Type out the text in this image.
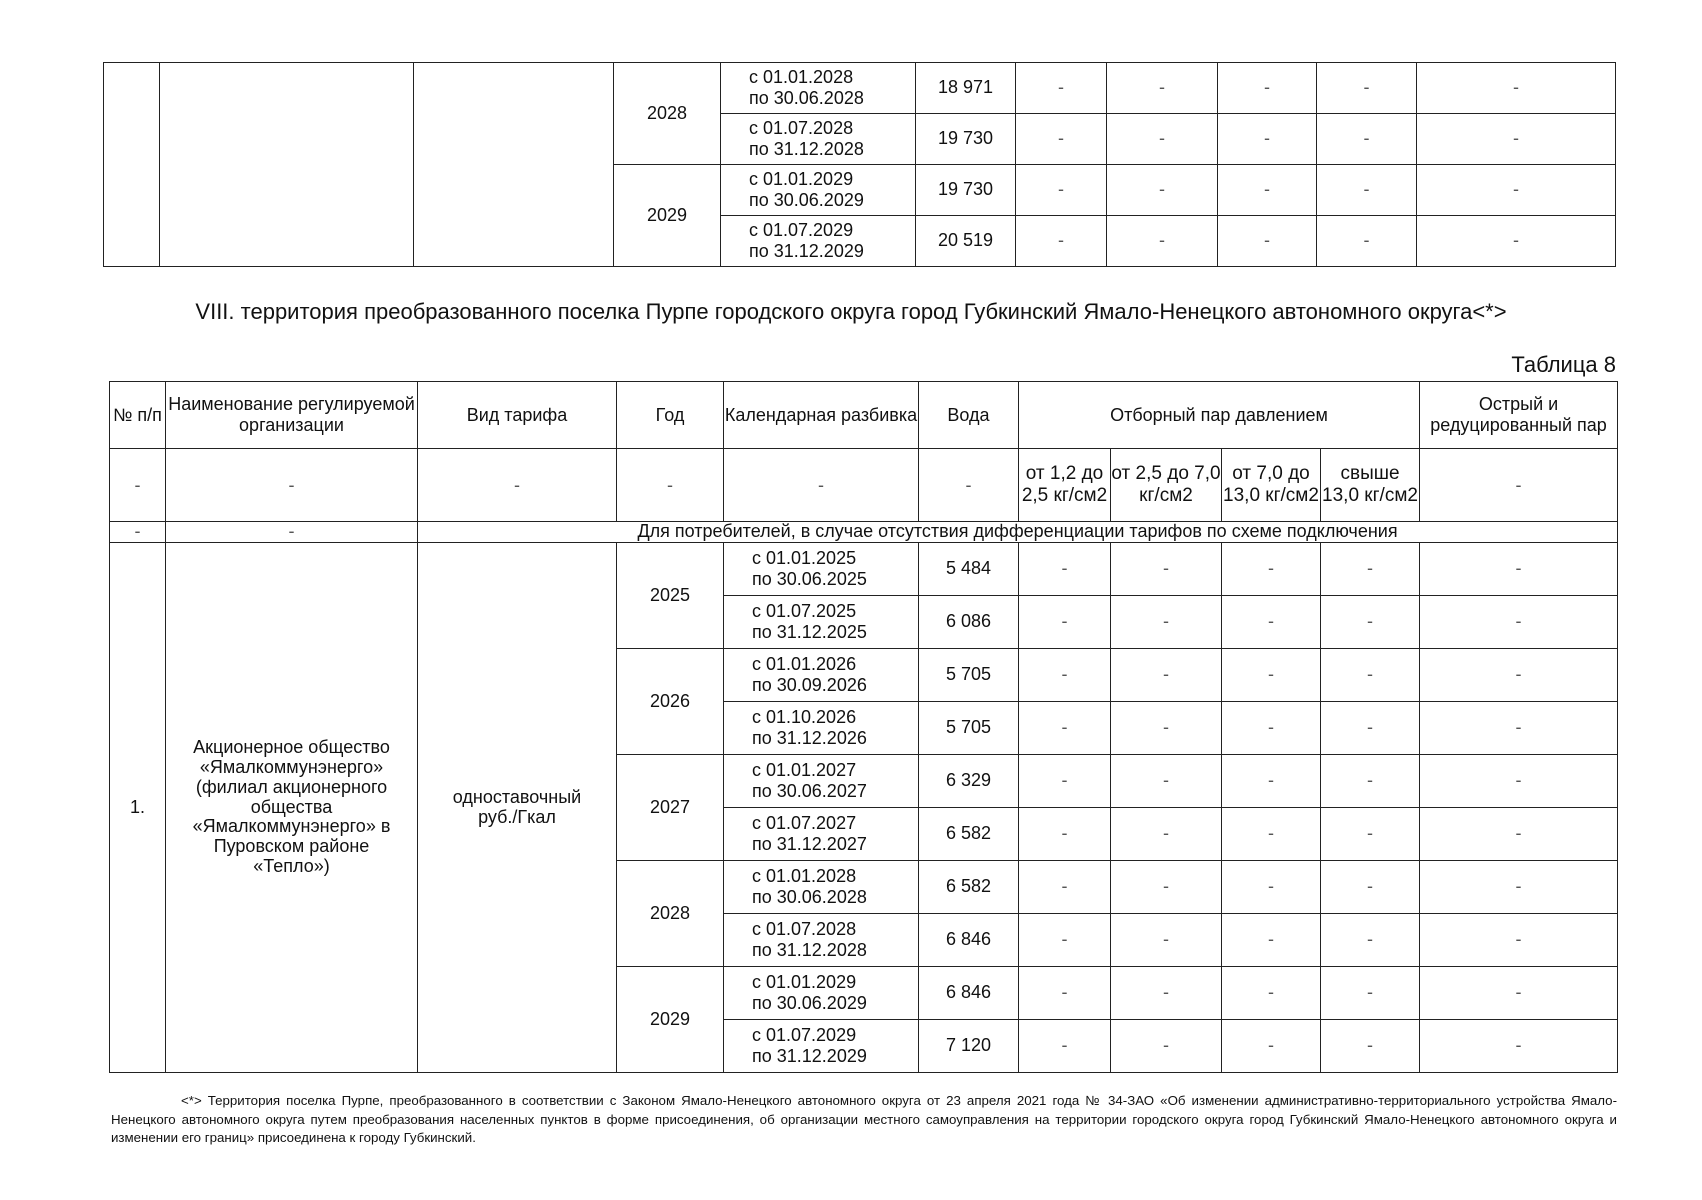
			2028	с 01.01.2028
по 30.06.2028	18 971	-	-	-	-	-
				с 01.07.2028
по 31.12.2028	19 730	-	-	-	-	-
			2029	с 01.01.2029
по 30.06.2029	19 730	-	-	-	-	-
				с 01.07.2029
по 31.12.2029	20 519	-	-	-	-	-
VIII. территория преобразованного поселка Пурпе городского округа город Губкинский Ямало-Ненецкого автономного округа<*>
Таблица 8
№ п/п	Наименование регулируемой организации	Вид тарифа	Год	Календарная разбивка	Вода	Отборный пар давлением				Острый и редуцированный пар
-	-	-	-	-	-	от 1,2 до 2,5 кг/см2	от 2,5 до 7,0 кг/см2	от 7,0 до 13,0 кг/см2	свыше 13,0 кг/см2	-
-	-	Для потребителей, в случае отсутствия дифференциации тарифов по схеме подключения								
1.	Акционерное общество «Ямалкоммунэнерго» (филиал акционерного общества «Ямалкоммунэнерго» в Пуровском районе «Тепло»)	одноставочный руб./Гкал	2025	с 01.01.2025
по 30.06.2025	5 484	-	-	-	-	-
				с 01.07.2025
по 31.12.2025	6 086	-	-	-	-	-
			2026	с 01.01.2026
по 30.09.2026	5 705	-	-	-	-	-
				с 01.10.2026
по 31.12.2026	5 705	-	-	-	-	-
			2027	с 01.01.2027
по 30.06.2027	6 329	-	-	-	-	-
				с 01.07.2027
по 31.12.2027	6 582	-	-	-	-	-
			2028	с 01.01.2028
по 30.06.2028	6 582	-	-	-	-	-
				с 01.07.2028
по 31.12.2028	6 846	-	-	-	-	-
			2029	с 01.01.2029
по 30.06.2029	6 846	-	-	-	-	-
				с 01.07.2029
по 31.12.2029	7 120	-	-	-	-	-
<*> Территория поселка Пурпе, преобразованного в соответствии с Законом Ямало-Ненецкого автономного округа от 23 апреля 2021 года № 34-ЗАО «Об изменении административно-территориального устройства Ямало-Ненецкого автономного округа путем преобразования населенных пунктов в форме присоединения, об организации местного самоуправления на территории городского округа город Губкинский Ямало-Ненецкого автономного округа и изменении его границ» присоединена к городу Губкинский.
